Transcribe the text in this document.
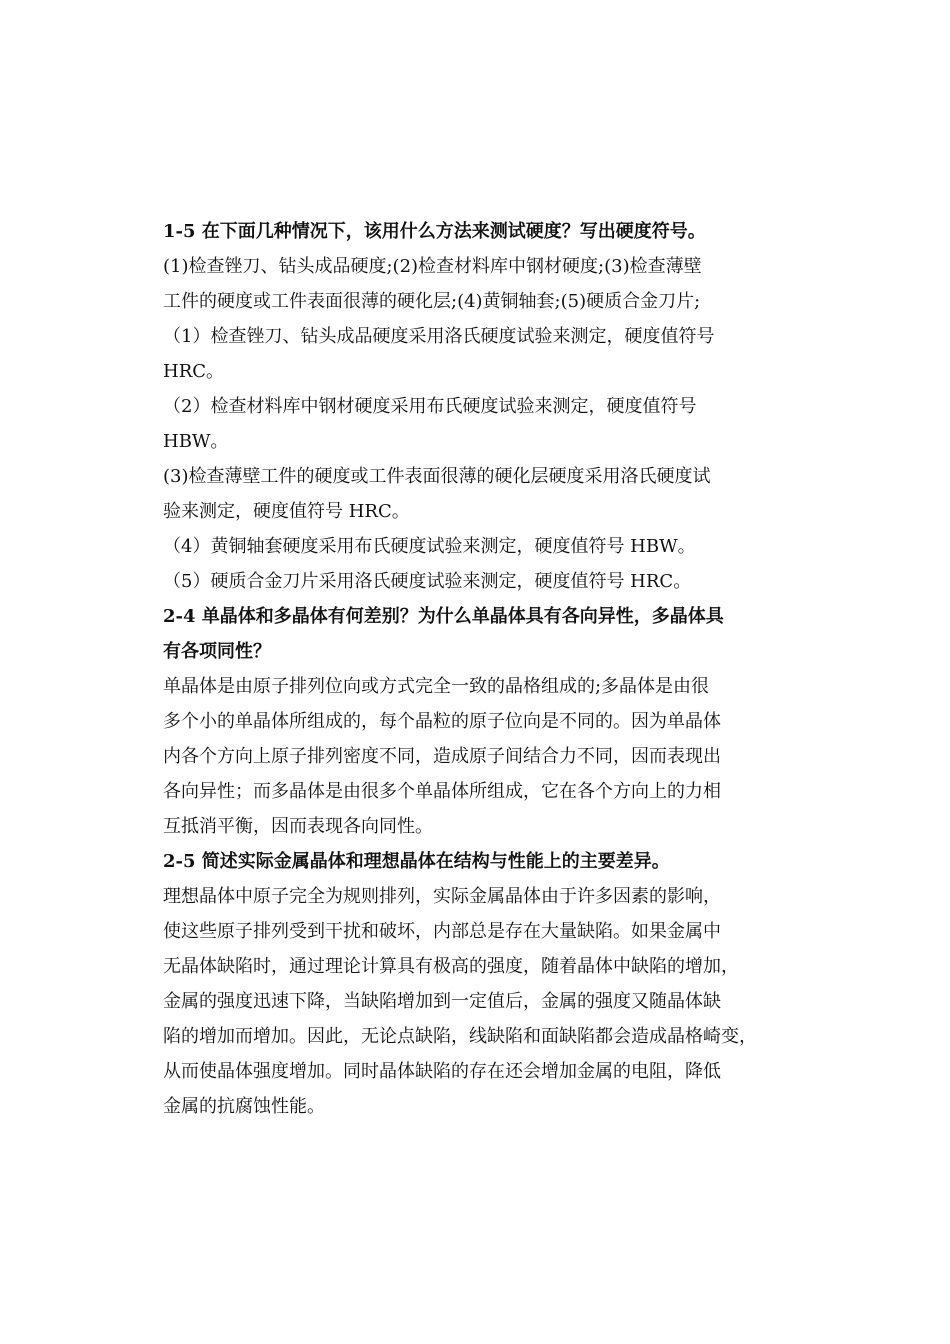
1-5 在下面几种情况下，该用什么方法来测试硬度？写出硬度符号。

(1)检查锉刀、钻头成品硬度;(2)检查材料库中钢材硬度;(3)检查薄壁
工件的硬度或工件表面很薄的硬化层;(4)黄铜轴套;(5)硬质合金刀片;

（1）检查锉刀、钻头成品硬度采用洛氏硬度试验来测定，硬度值符号
HRC。

（2）检查材料库中钢材硬度采用布氏硬度试验来测定，硬度值符号
HBW。

(3)检查薄壁工件的硬度或工件表面很薄的硬化层硬度采用洛氏硬度试
验来测定，硬度值符号 HRC。

（4）黄铜轴套硬度采用布氏硬度试验来测定，硬度值符号 HBW。

（5）硬质合金刀片采用洛氏硬度试验来测定，硬度值符号 HRC。

2-4 单晶体和多晶体有何差别？为什么单晶体具有各向异性，多晶体具
有各项同性？

单晶体是由原子排列位向或方式完全一致的晶格组成的;多晶体是由很
多个小的单晶体所组成的，每个晶粒的原子位向是不同的。因为单晶体
内各个方向上原子排列密度不同，造成原子间结合力不同，因而表现出
各向异性；而多晶体是由很多个单晶体所组成，它在各个方向上的力相
互抵消平衡，因而表现各向同性。

2-5 简述实际金属晶体和理想晶体在结构与性能上的主要差异。

理想晶体中原子完全为规则排列，实际金属晶体由于许多因素的影响，
使这些原子排列受到干扰和破坏，内部总是存在大量缺陷。如果金属中
无晶体缺陷时，通过理论计算具有极高的强度，随着晶体中缺陷的增加，
金属的强度迅速下降，当缺陷增加到一定值后，金属的强度又随晶体缺
陷的增加而增加。因此，无论点缺陷，线缺陷和面缺陷都会造成晶格崎变，
从而使晶体强度增加。同时晶体缺陷的存在还会增加金属的电阻，降低
金属的抗腐蚀性能。
